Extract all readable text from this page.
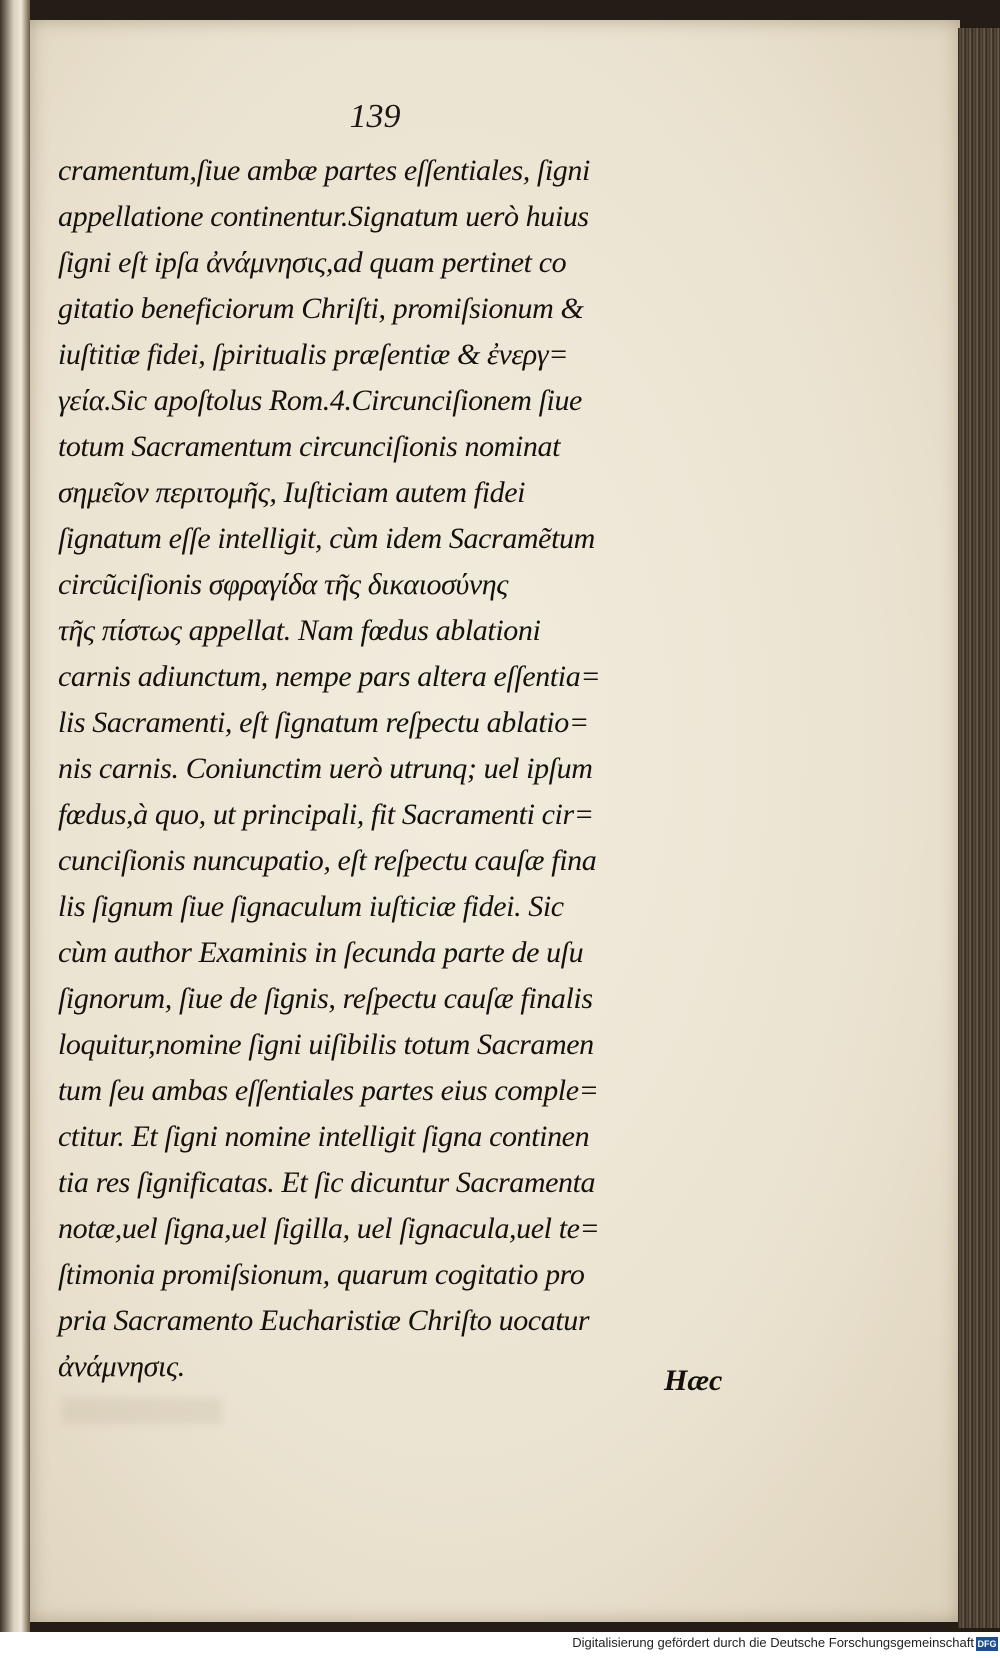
139
cramentum,ſiue ambæ partes eſſentiales, ſigni
appellatione continentur.Signatum uerò huius
ſigni eſt ipſa ἀνάμνησις,ad quam pertinet co
gitatio beneficiorum Chriſti, promiſsionum &
iuſtitiæ fidei, ſpiritualis præſentiæ & ἐνεργ=
γεία.Sic apoſtolus Rom.4.Circunciſionem ſiue
totum Sacramentum circunciſionis nominat
σημεῖον περιτομῆς, Iuſticiam autem fidei
ſignatum eſſe intelligit, cùm idem Sacramẽtum
circũciſionis σφραγίδα τῆς δικαιοσύνης
τῆς πίστως appellat. Nam fœdus ablationi
carnis adiunctum, nempe pars altera eſſentia=
lis Sacramenti, eſt ſignatum reſpectu ablatio=
nis carnis. Coniunctim uerò utrunq; uel ipſum
fœdus,à quo, ut principali, fit Sacramenti cir=
cunciſionis nuncupatio, eſt reſpectu cauſæ fina
lis ſignum ſiue ſignaculum iuſticiæ fidei. Sic
cùm author Examinis in ſecunda parte de uſu
ſignorum, ſiue de ſignis, reſpectu cauſæ finalis
loquitur,nomine ſigni uiſibilis totum Sacramen
tum ſeu ambas eſſentiales partes eius comple=
ctitur. Et ſigni nomine intelligit ſigna continen
tia res ſignificatas. Et ſic dicuntur Sacramenta
notæ,uel ſigna,uel ſigilla, uel ſignacula,uel te=
ſtimonia promiſsionum, quarum cogitatio pro
pria Sacramento Eucharistiæ Chriſto uocatur
ἀνάμνησις.	Hæc
Digitalisierung gefördert durch die Deutsche Forschungsgemeinschaft DFG
